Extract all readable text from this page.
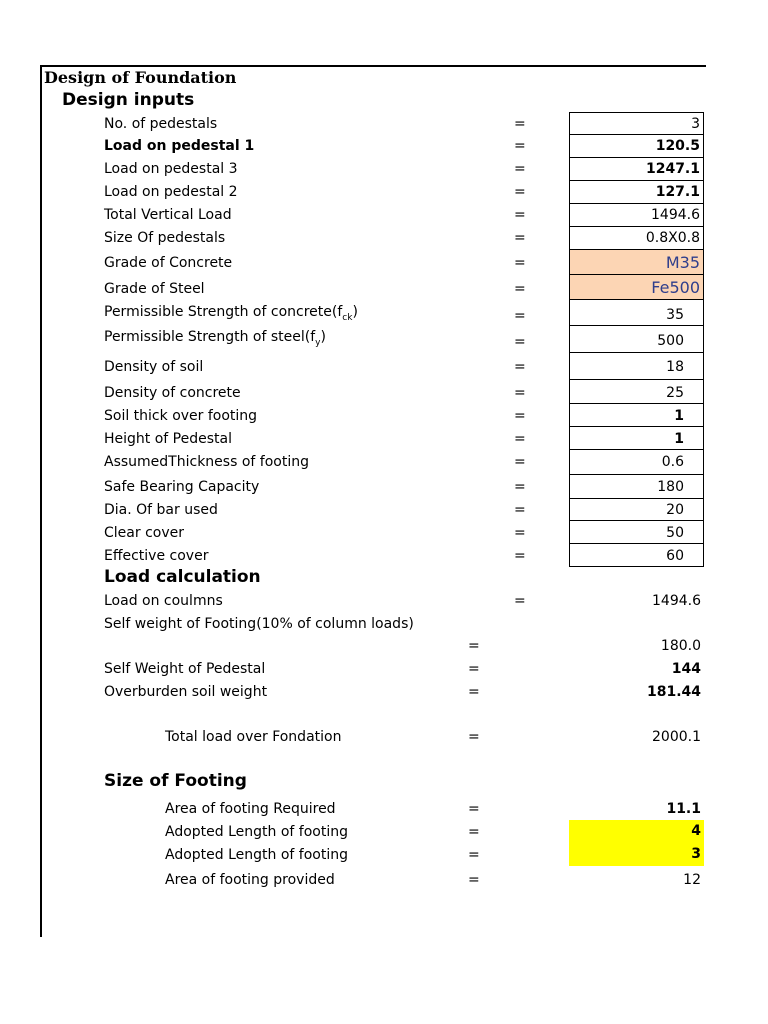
Design of Foundation
Design inputs
No. of pedestals	=	3
Load on pedestal 1	=	120.5
Load on pedestal 3	=	1247.1
Load on pedestal 2	=	127.1
Total Vertical Load	=	1494.6
Size Of pedestals	=	0.8X0.8
Grade of Concrete	=	M35
Grade of Steel	=	Fe500
Permissible Strength of $concrete(f_{ck})$	=	35
Permissible Strength of $steel(f_y)$	=	500
Density of soil	=	18
Density of concrete	=	25
Soil thick over footing	=	1
Height of Pedestal	=	1
AssumedThickness of footing	=	0.6
Safe Bearing Capacity	=	180
Dia. Of bar used	=	20
Clear cover	=	50
Effective cover	=	60
Load calculation
Load on coulmns	=	1494.6
Self weight of Footing(10% of column loads)
=	180.0
Self Weight of Pedestal	=	144
Overburden soil weight	=	181.44
Total load over Fondation	=	2000.1
Size of Footing
Area of footing Required	=	11.1
Adopted Length of footing	=	4
Adopted Length of footing	=	3
Area of footing provided	=	12
